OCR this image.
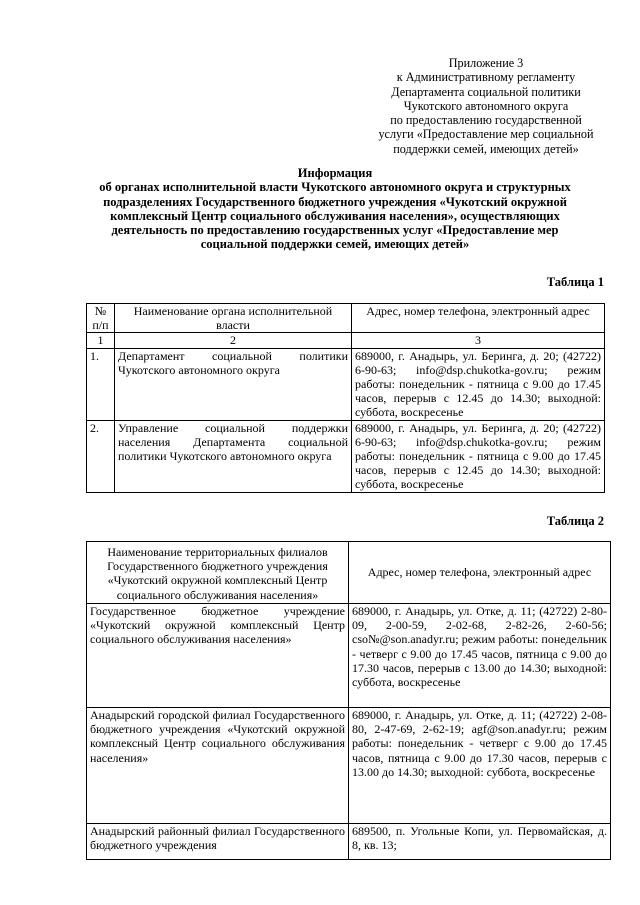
Приложение 3
к Административному регламенту
Департамента социальной политики
Чукотского автономного округа
по предоставлению государственной
услуги «Предоставление мер социальной
поддержки семей, имеющих детей»
Информация
об органах исполнительной власти Чукотского автономного округа и структурных
подразделениях Государственного бюджетного учреждения «Чукотский окружной
комплексный Центр социального обслуживания населения», осуществляющих
деятельность по предоставлению государственных услуг «Предоставление мер
социальной поддержки семей, имеющих детей»
Таблица 1
№ п/п	Наименование органа исполнительной власти	Адрес, номер телефона, электронный адрес
1	2	3
1.	Департамент социальной политики Чукотского автономного округа	689000, г. Анадырь, ул. Беринга, д. 20; (42722) 6-90-63; info@dsp.chukotka-gov.ru; режим работы: понедельник - пятница с 9.00 до 17.45 часов, перерыв с 12.45 до 14.30; выходной: суббота, воскресенье
2.	Управление социальной поддержки населения Департамента социальной политики Чукотского автономного округа	689000, г. Анадырь, ул. Беринга, д. 20; (42722) 6-90-63; info@dsp.chukotka-gov.ru; режим работы: понедельник - пятница с 9.00 до 17.45 часов, перерыв с 12.45 до 14.30; выходной: суббота, воскресенье
Таблица 2
Наименование территориальных филиалов Государственного бюджетного учреждения «Чукотский окружной комплексный Центр социального обслуживания населения»	Адрес, номер телефона, электронный адрес
Государственное бюджетное учреждение «Чукотский окружной комплексный Центр социального обслуживания населения»	689000, г. Анадырь, ул. Отке, д. 11; (42722) 2-80-09, 2-00-59, 2-02-68, 2-82-26, 2-60-56; cso№@son.anadyr.ru; режим работы: понедельник - четверг с 9.00 до 17.45 часов, пятница с 9.00 до 17.30 часов, перерыв с 13.00 до 14.30; выходной: суббота, воскресенье
Анадырский городской филиал Государственного бюджетного учреждения «Чукотский окружной комплексный Центр социального обслуживания населения»	689000, г. Анадырь, ул. Отке, д. 11; (42722) 2-08-80, 2-47-69, 2-62-19; agf@son.anadyr.ru; режим работы: понедельник - четверг с 9.00 до 17.45 часов, пятница с 9.00 до 17.30 часов, перерыв с 13.00 до 14.30; выходной: суббота, воскресенье
Анадырский районный филиал Государственного бюджетного учреждения	689500, п. Угольные Копи, ул. Первомайская, д. 8, кв. 13;
